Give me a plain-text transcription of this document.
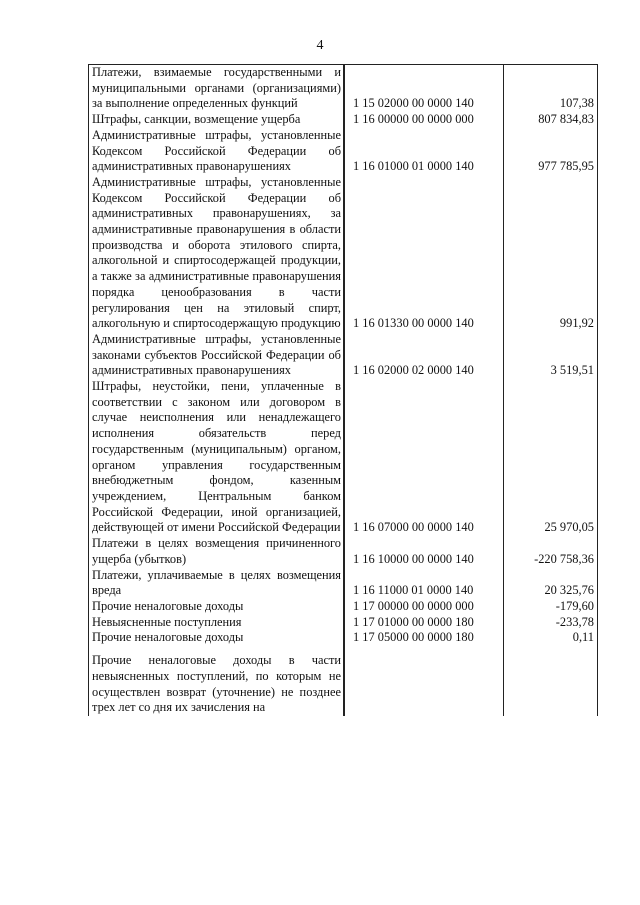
4
Платежи, взимаемые государственными и муниципальными органами (организациями) за выполнение определенных функций	1 15 02000 00 0000 140	107,38
Штрафы, санкции, возмещение ущерба	1 16 00000 00 0000 000	807 834,83
Административные штрафы, установленные Кодексом Российской Федерации об административных правонарушениях	1 16 01000 01 0000 140	977 785,95
Административные штрафы, установленные Кодексом Российской Федерации об административных правонарушениях, за административные правонарушения в области производства и оборота этилового спирта, алкогольной и спиртосодержащей продукции, а также за административные правонарушения порядка ценообразования в части регулирования цен на этиловый спирт, алкогольную и спиртосодержащую продукцию	1 16 01330 00 0000 140	991,92
Административные штрафы, установленные законами субъектов Российской Федерации об административных правонарушениях	1 16 02000 02 0000 140	3 519,51
Штрафы, неустойки, пени, уплаченные в соответствии с законом или договором в случае неисполнения или ненадлежащего исполнения обязательств перед государственным (муниципальным) органом, органом управления государственным внебюджетным фондом, казенным учреждением, Центральным банком Российской Федерации, иной организацией, действующей от имени Российской Федерации	1 16 07000 00 0000 140	25 970,05
Платежи в целях возмещения причиненного ущерба (убытков)	1 16 10000 00 0000 140	-220 758,36
Платежи, уплачиваемые в целях возмещения вреда	1 16 11000 01 0000 140	20 325,76
Прочие неналоговые доходы	1 17 00000 00 0000 000	-179,60
Невыясненные поступления	1 17 01000 00 0000 180	-233,78
Прочие неналоговые доходы	1 17 05000 00 0000 180	0,11
Прочие неналоговые доходы в части невыясненных поступлений, по которым не осуществлен возврат (уточнение) не позднее трех лет со дня их зачисления на		
